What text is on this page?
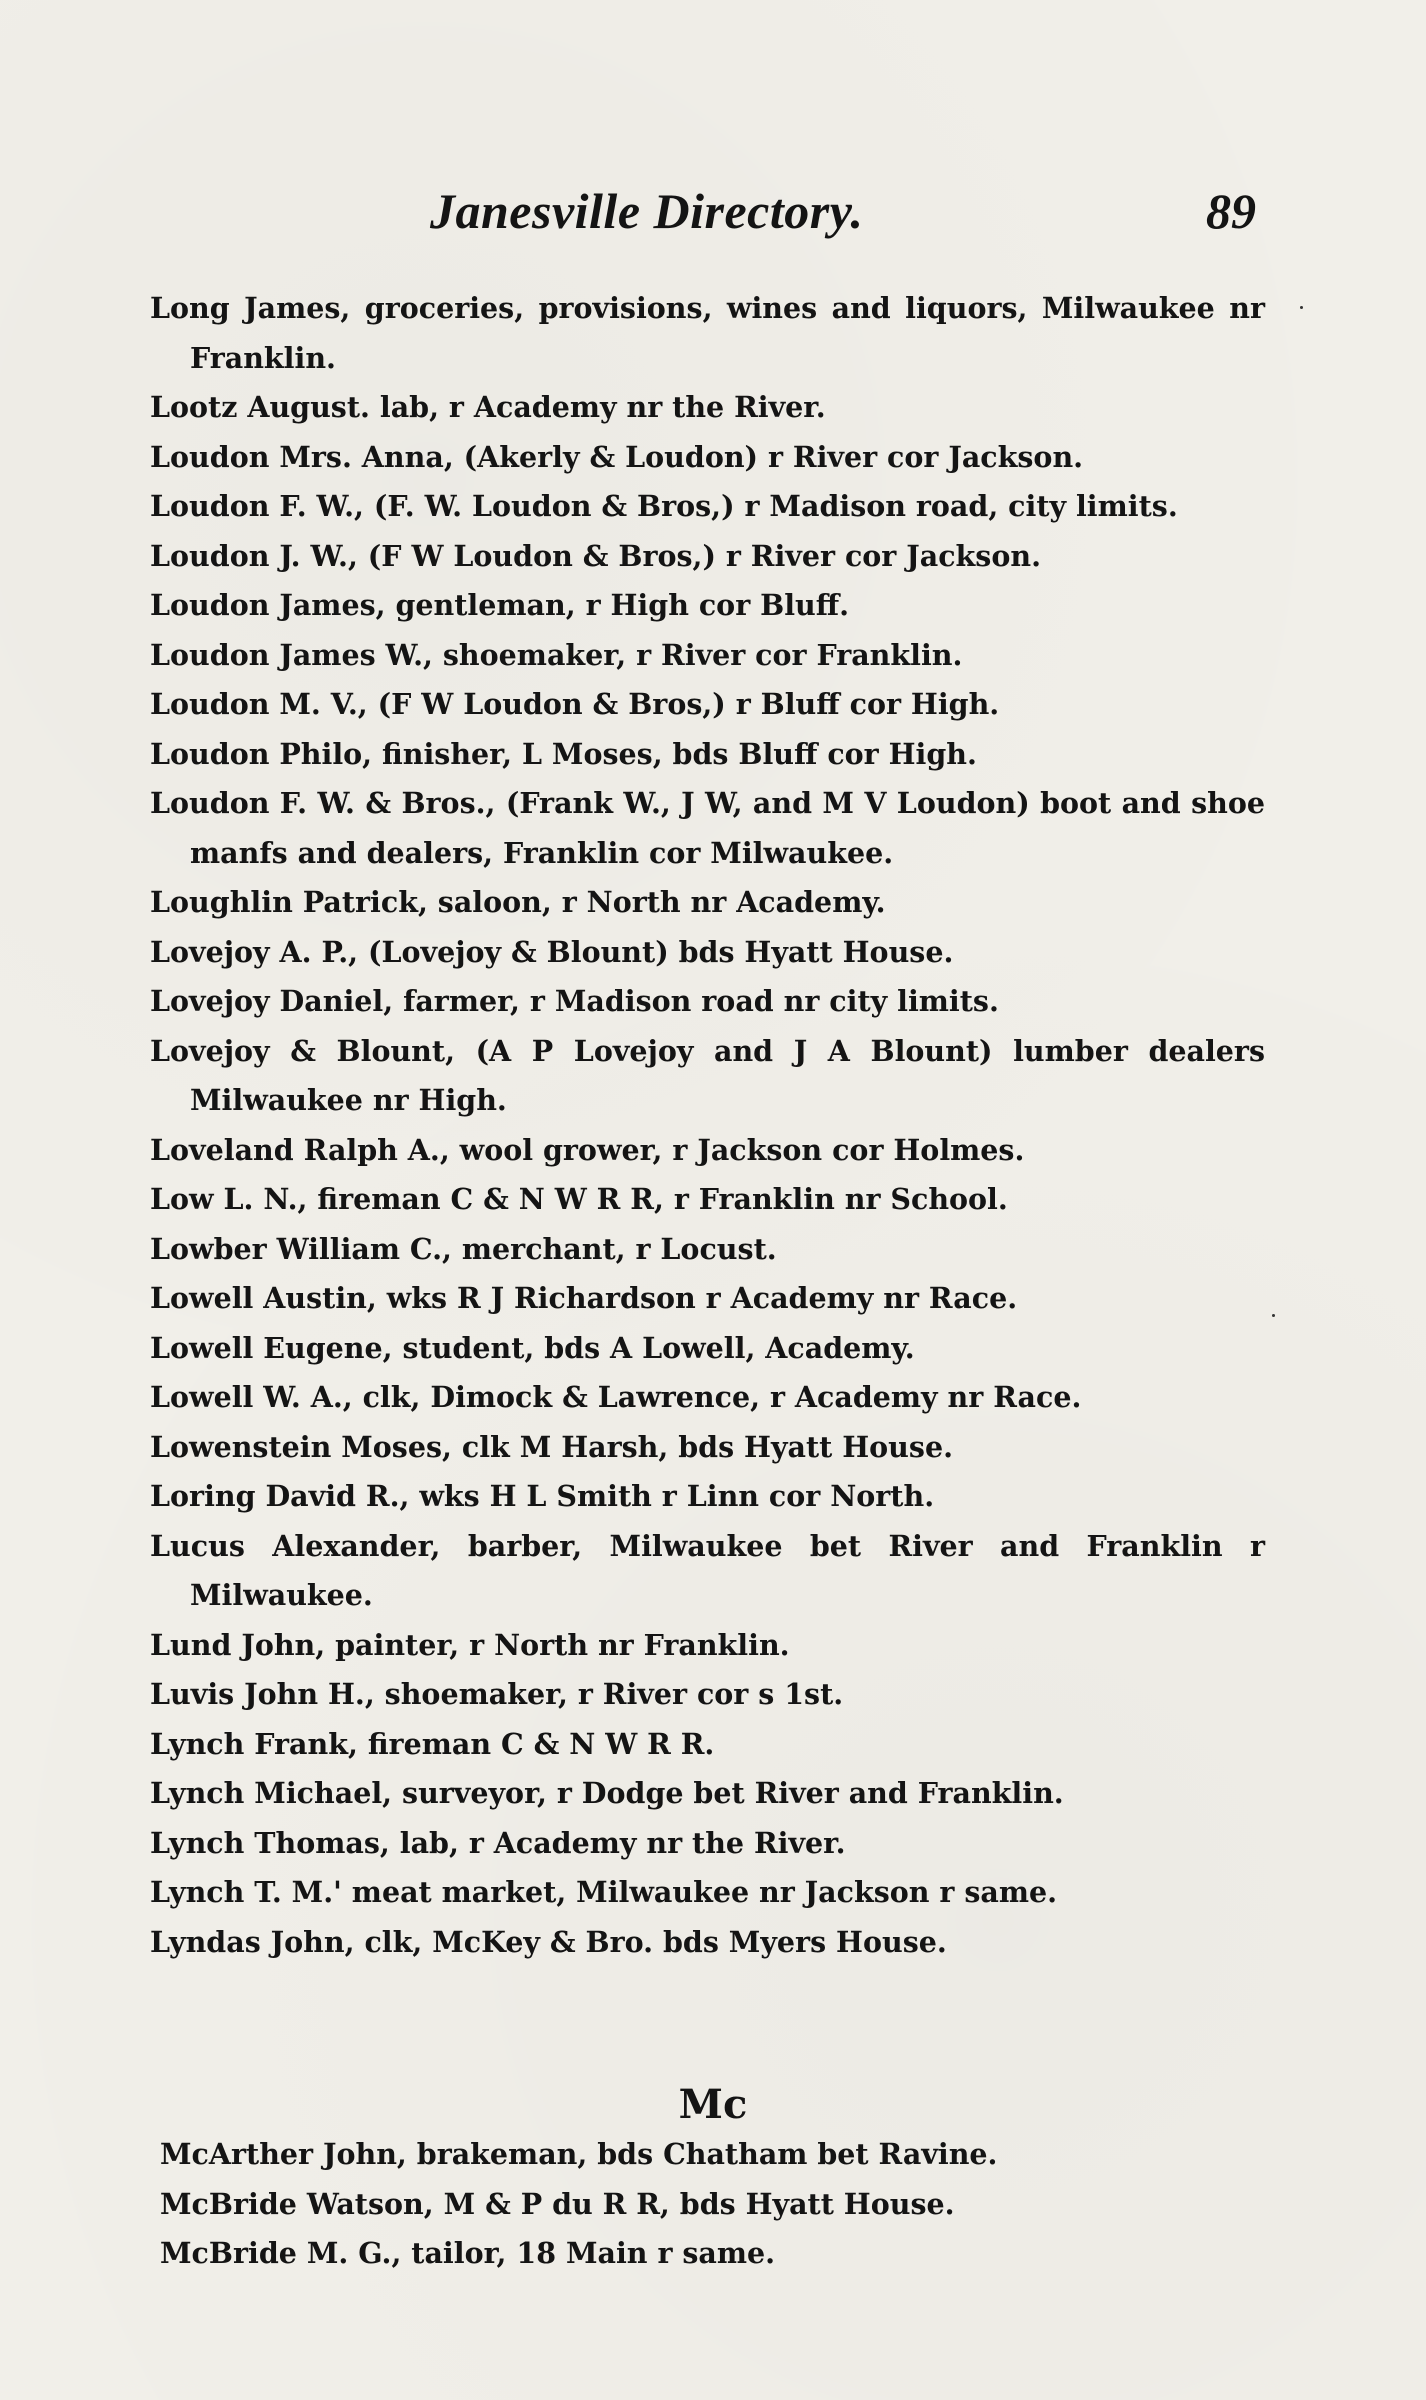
Janesville Directory.	89
Long James, groceries, provisions, wines and liquors, Milwaukee nr Franklin.
Lootz August. lab, r Academy nr the River.
Loudon Mrs. Anna, (Akerly & Loudon) r River cor Jackson.
Loudon F. W., (F. W. Loudon & Bros,) r Madison road, city limits.
Loudon J. W., (F W Loudon & Bros,) r River cor Jackson.
Loudon James, gentleman, r High cor Bluff.
Loudon James W., shoemaker, r River cor Franklin.
Loudon M. V., (F W Loudon & Bros,) r Bluff cor High.
Loudon Philo, finisher, L Moses, bds Bluff cor High.
Loudon F. W. & Bros., (Frank W., J W, and M V Loudon) boot and shoe manfs and dealers, Franklin cor Milwaukee.
Loughlin Patrick, saloon, r North nr Academy.
Lovejoy A. P., (Lovejoy & Blount) bds Hyatt House.
Lovejoy Daniel, farmer, r Madison road nr city limits.
Lovejoy & Blount, (A P Lovejoy and J A Blount) lumber dealers Milwaukee nr High.
Loveland Ralph A., wool grower, r Jackson cor Holmes.
Low L. N., fireman C & N W R R, r Franklin nr School.
Lowber William C., merchant, r Locust.
Lowell Austin, wks R J Richardson r Academy nr Race.
Lowell Eugene, student, bds A Lowell, Academy.
Lowell W. A., clk, Dimock & Lawrence, r Academy nr Race.
Lowenstein Moses, clk M Harsh, bds Hyatt House.
Loring David R., wks H L Smith r Linn cor North.
Lucus Alexander, barber, Milwaukee bet River and Franklin r Milwaukee.
Lund John, painter, r North nr Franklin.
Luvis John H., shoemaker, r River cor s 1st.
Lynch Frank, fireman C & N W R R.
Lynch Michael, surveyor, r Dodge bet River and Franklin.
Lynch Thomas, lab, r Academy nr the River.
Lynch T. M.' meat market, Milwaukee nr Jackson r same.
Lyndas John, clk, McKey & Bro. bds Myers House.
Mc
McArther John, brakeman, bds Chatham bet Ravine.
McBride Watson, M & P du R R, bds Hyatt House.
McBride M. G., tailor, 18 Main r same.
